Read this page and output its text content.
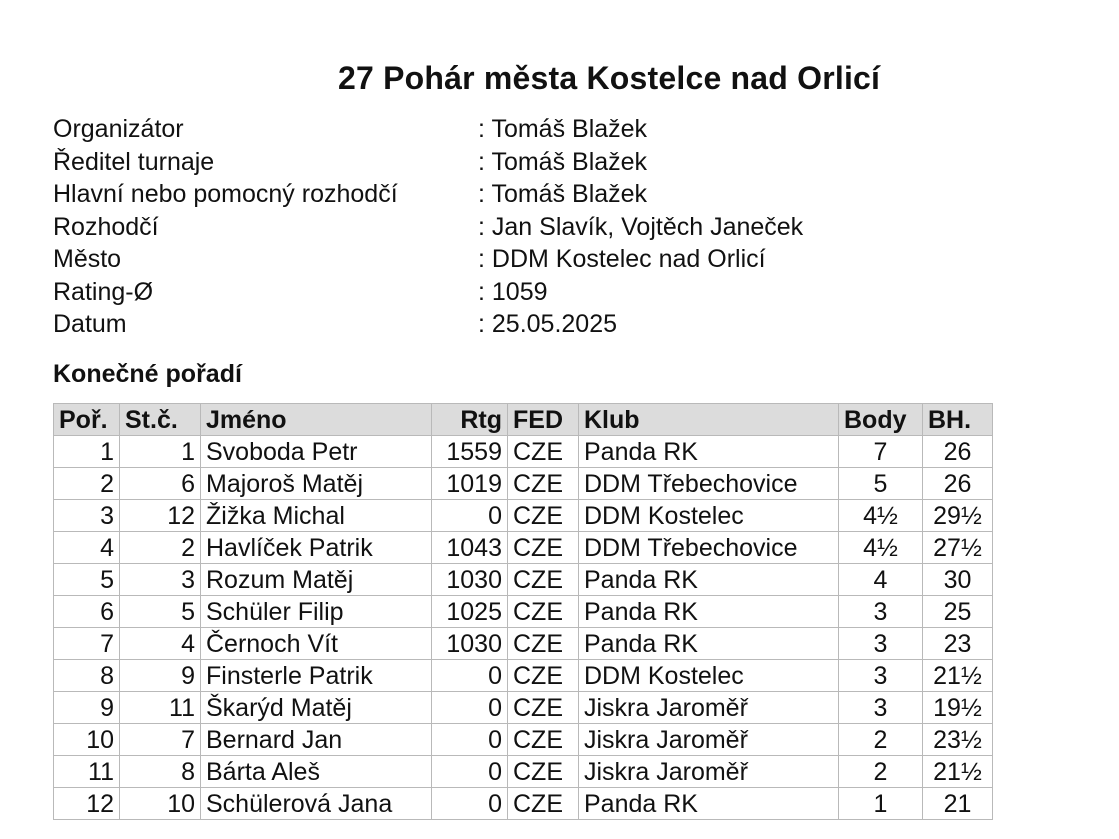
27 Pohár města Kostelce nad Orlicí
Organizátor	: Tomáš Blažek
Ředitel turnaje	: Tomáš Blažek
Hlavní nebo pomocný rozhodčí	: Tomáš Blažek
Rozhodčí	: Jan Slavík, Vojtěch Janeček
Město	: DDM Kostelec nad Orlicí
Rating-Ø	: 1059
Datum	: 25.05.2025
Konečné pořadí
Poř.	St.č.	Jméno	Rtg	FED	Klub	Body	BH.
1	1	Svoboda Petr	1559	CZE	Panda RK	7	26
2	6	Majoroš Matěj	1019	CZE	DDM Třebechovice	5	26
3	12	Žižka Michal	0	CZE	DDM Kostelec	4½	29½
4	2	Havlíček Patrik	1043	CZE	DDM Třebechovice	4½	27½
5	3	Rozum Matěj	1030	CZE	Panda RK	4	30
6	5	Schüler Filip	1025	CZE	Panda RK	3	25
7	4	Černoch Vít	1030	CZE	Panda RK	3	23
8	9	Finsterle Patrik	0	CZE	DDM Kostelec	3	21½
9	11	Škarýd Matěj	0	CZE	Jiskra Jaroměř	3	19½
10	7	Bernard Jan	0	CZE	Jiskra Jaroměř	2	23½
11	8	Bárta Aleš	0	CZE	Jiskra Jaroměř	2	21½
12	10	Schülerová Jana	0	CZE	Panda RK	1	21
